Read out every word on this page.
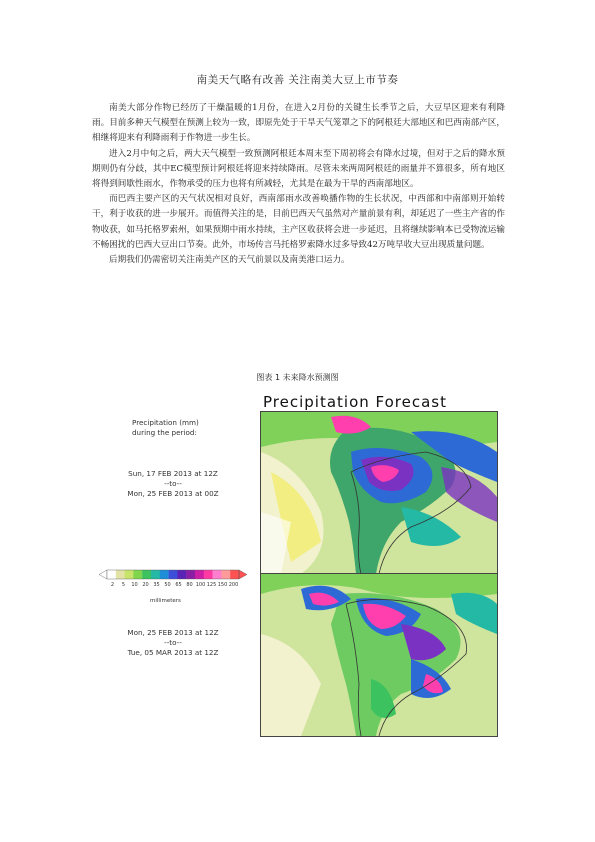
南美天气略有改善 关注南美大豆上市节奏

南美大部分作物已经历了干燥温暖的1月份，在进入2月份的关键生长季节之后，大豆早区迎来有利降雨。目前多种天气模型在预测上较为一致，即原先处于干旱天气笼罩之下的阿根廷大部地区和巴西南部产区，相继将迎来有利降雨利于作物进一步生长。

进入2月中旬之后，两大天气模型一致预测阿根廷本周末至下周初将会有降水过境，但对于之后的降水预期则仍有分歧，其中EC模型预计阿根廷将迎来持续降雨。尽管未来两周阿根廷的雨量并不算很多，所有地区将得到间歇性雨水，作物承受的压力也将有所减轻，尤其是在最为干旱的西南部地区。

而巴西主要产区的天气状况相对良好，西南部雨水改善唤播作物的生长状况，中西部和中南部则开始转干，利于收获的进一步展开。而值得关注的是，目前巴西天气虽然对产量前景有利，却延迟了一些主产省的作物收获，如马托格罗索州，如果预期中雨水持续，主产区收获将会进一步延迟，且将继续影响本已受物流运输不畅困扰的巴西大豆出口节奏。此外，市场传言马托格罗索降水过多导致42万吨早收大豆出现质量问题。

后期我们仍需密切关注南美产区的天气前景以及南美港口运力。

图表 1 未来降水预测图
Precipitation Forecast
Precipitation (mm)
during the period:
Sun, 17 FEB 2013 at 12Z
--to--
Mon, 25 FEB 2013 at 00Z
2 5 10 20 35 50 65 80 100 125 150 200
millimeters
Mon, 25 FEB 2013 at 12Z
--to--
Tue, 05 MAR 2013 at 12Z
